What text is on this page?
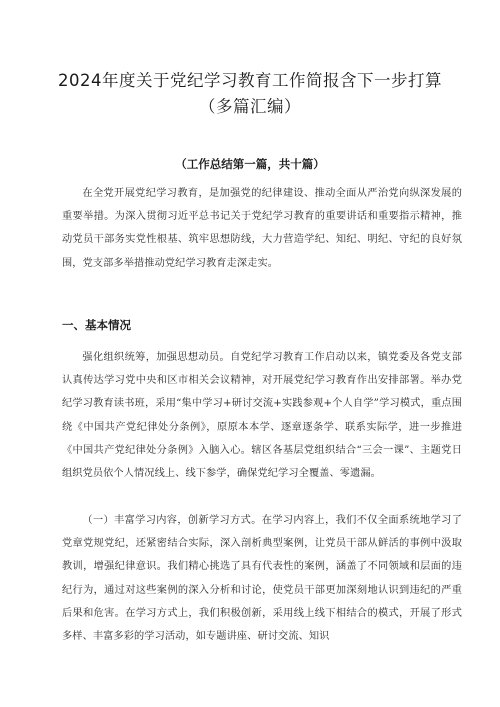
2024年度关于党纪学习教育工作简报含下一步打算
（多篇汇编）
（工作总结第一篇，共十篇）

在全党开展党纪学习教育，是加强党的纪律建设、推动全面从严治党向纵深发展的重要举措。为深入贯彻习近平总书记关于党纪学习教育的重要讲话和重要指示精神，推动党员干部务实党性根基、筑牢思想防线，大力营造学纪、知纪、明纪、守纪的良好氛围，党支部多举措推动党纪学习教育走深走实。

一、基本情况

强化组织统筹，加强思想动员。自党纪学习教育工作启动以来，镇党委及各党支部认真传达学习党中央和区市相关会议精神，对开展党纪学习教育作出安排部署。举办党纪学习教育读书班，采用“集中学习+研讨交流+实践参观+个人自学”学习模式，重点围绕《中国共产党纪律处分条例》，原原本本学、逐章逐条学、联系实际学，进一步推进《中国共产党纪律处分条例》入脑入心。辖区各基层党组织结合“三会一课”、主题党日组织党员依个人情况线上、线下参学，确保党纪学习全覆盖、零遗漏。

（一）丰富学习内容，创新学习方式。在学习内容上，我们不仅全面系统地学习了党章党规党纪，还紧密结合实际，深入剖析典型案例，让党员干部从鲜活的事例中汲取教训，增强纪律意识。我们精心挑选了具有代表性的案例，涵盖了不同领域和层面的违纪行为，通过对这些案例的深入分析和讨论，使党员干部更加深刻地认识到违纪的严重后果和危害。在学习方式上，我们积极创新，采用线上线下相结合的模式，开展了形式多样、丰富多彩的学习活动，如专题讲座、研讨交流、知识
